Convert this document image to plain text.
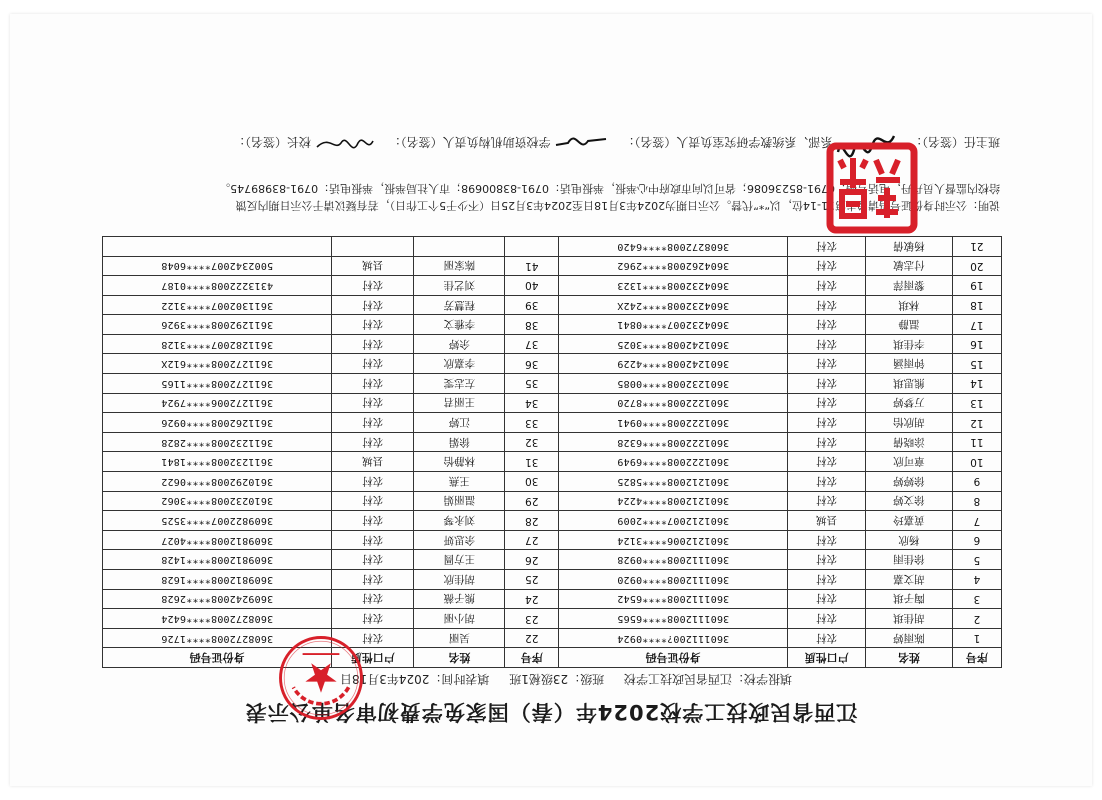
江西省民政技工学校2024年（春）国家免学费初审名单公示表
填报学校：江西省民政技工学校 班级：23级秘1班 填表时间：2024年3月18日
序号	姓名	户口性质	身份证号码	序号	姓名	户口性质	身份证号码
1	陈雨婷	农村	360111200?****0924	22	吴丽	农村	3608272008****1726
2	胡佳琪	农村	3601112008****6565	23	胡小丽	农村	3608272008****6424
3	陶子琪	农村	3601112008****6542	24	熊子薇	农村	3609242008****2628
4	胡文嘉	农村	3601112008****0920	25	胡佳欣	农村	3609812008****1628
5	徐佳雨	农村	3601112008****0928	26	王方圆	农村	3609812008****1428
6	杨欣	农村	3601212006****3124	27	余思妍	农村	3609812008****4027
7	黄嘉玲	县城	3601212007****2009	28	刘永琴	农村	3609822007****3525
8	徐文婷	农村	3601212008****4224	29	温丽娟	农村	3610232008****3062
9	徐婷婷	农村	3601212008****5825	30	王燕	农村	3610292008****0622
10	章可欣	农村	3601222008****6949	31	林静怡	县城	3611232008****1841
11	涂晓倩	农村	3601222008****6328	32	徐娟	农村	3611232008****2828
12	胡欣怡	农村	3601222008****0941	33	江婷	农村	3611262008****0926
13	万梦婷	农村	3601222008****8720	34	王丽君	农村	3611272006****7924
14	熊思琪	农村	3601232008****0085	35	左志雯	农村	3611272008****1165
15	钟雨涵	农村	3601242008****4229	36	李嘉欣	农村	3611272008****612X
16	李佳琪	农村	3601242008****3025	37	余婷	农村	3611282007****3128
17	温静	农村	3604232007****0841	38	李雅文	农村	3611292008****3926
18	林琪	农村	3604232008****242X	39	程慧芳	农村	3611302007****3122
19	黎雨萍	农村	3604232008****1323	40	刘艺佳	农村	4313222008****0187
20	付志敏	农村	3604262008****2962	41	陈家丽	县城	5002342007****6048
21	杨敏倩	农村	3608272008****6420				
说明：公示时身份证号码请隐去第11-14位，以“*”代替。公示日期为2024年3月18日至2024年3月25日（不少于5个工作日），若有疑议请于公示日期内反馈
给校内监督人员丹丹，电话号码：0791-85236086；省可以向市政府中心举报，举报电话：0791-83800698；市人社局举报，举报电话：0791-83989745。
班主任（签名）：  系部、系统教学研究室负责人（签名）：  学校资助机构负责人（签名）：  校长（签名）：
